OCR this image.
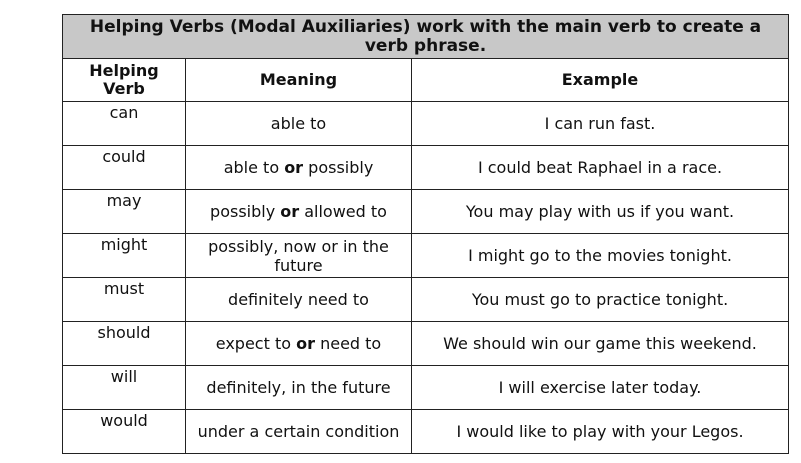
Helping Verbs (Modal Auxiliaries) work with the main verb to create a verb phrase.		
Helping Verb	Meaning	Example
can	able to	I can run fast.
could	able to or possibly	I could beat Raphael in a race.
may	possibly or allowed to	You may play with us if you want.
might	possibly, now or in the future	I might go to the movies tonight.
must	definitely need to	You must go to practice tonight.
should	expect to or need to	We should win our game this weekend.
will	definitely, in the future	I will exercise later today.
would	under a certain condition	I would like to play with your Legos.
